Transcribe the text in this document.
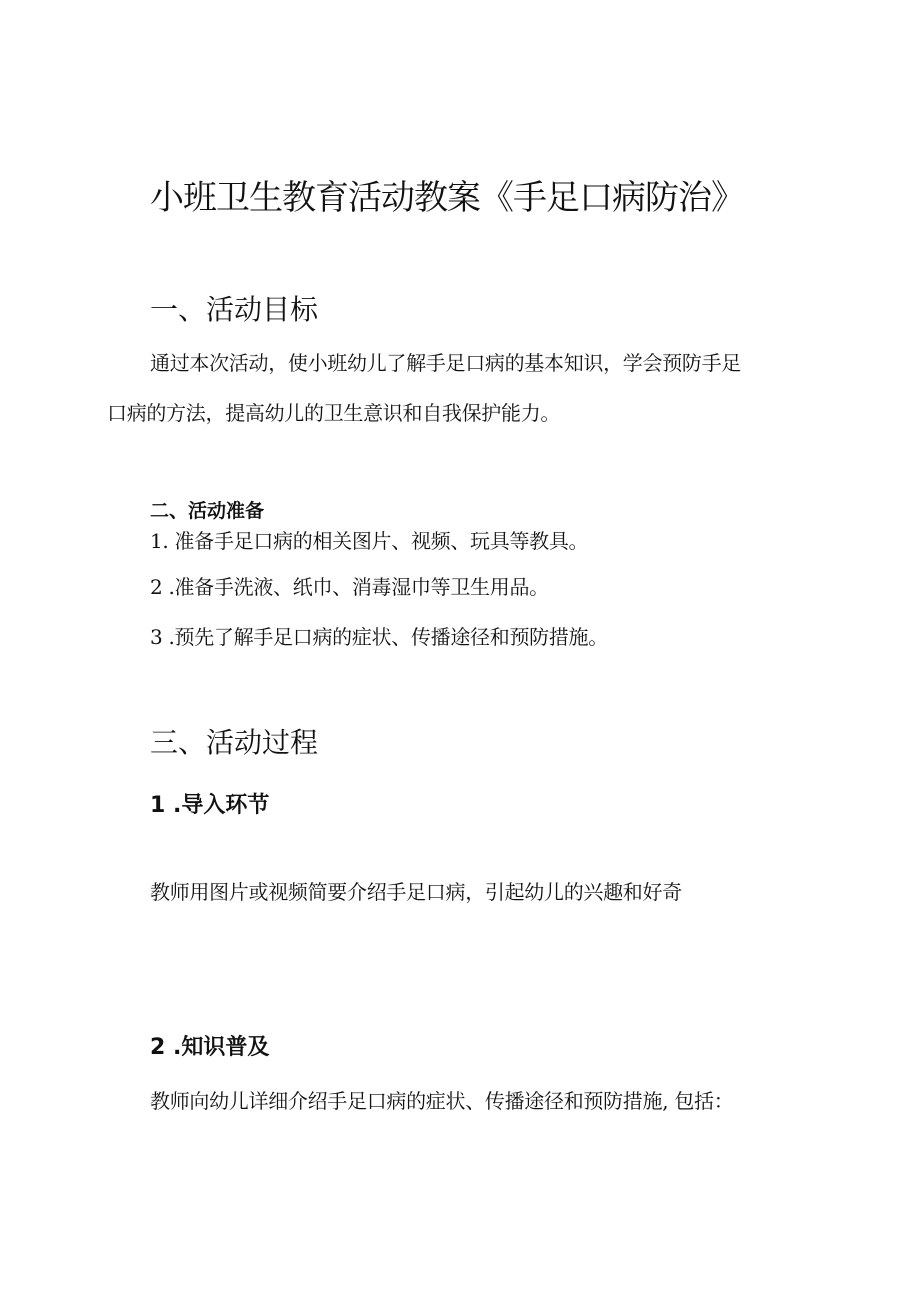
小班卫生教育活动教案《手足口病防治》
一、活动目标

通过本次活动，使小班幼儿了解手足口病的基本知识，学会预防手足

口病的方法，提高幼儿的卫生意识和自我保护能力。

二、活动准备

1. 准备手足口病的相关图片、视频、玩具等教具。

2 .准备手洗液、纸巾、消毒湿巾等卫生用品。

3 .预先了解手足口病的症状、传播途径和预防措施。

三、活动过程
1 .导入环节

教师用图片或视频简要介绍手足口病，引起幼儿的兴趣和好奇

2 .知识普及

教师向幼儿详细介绍手足口病的症状、传播途径和预防措施, 包括：
